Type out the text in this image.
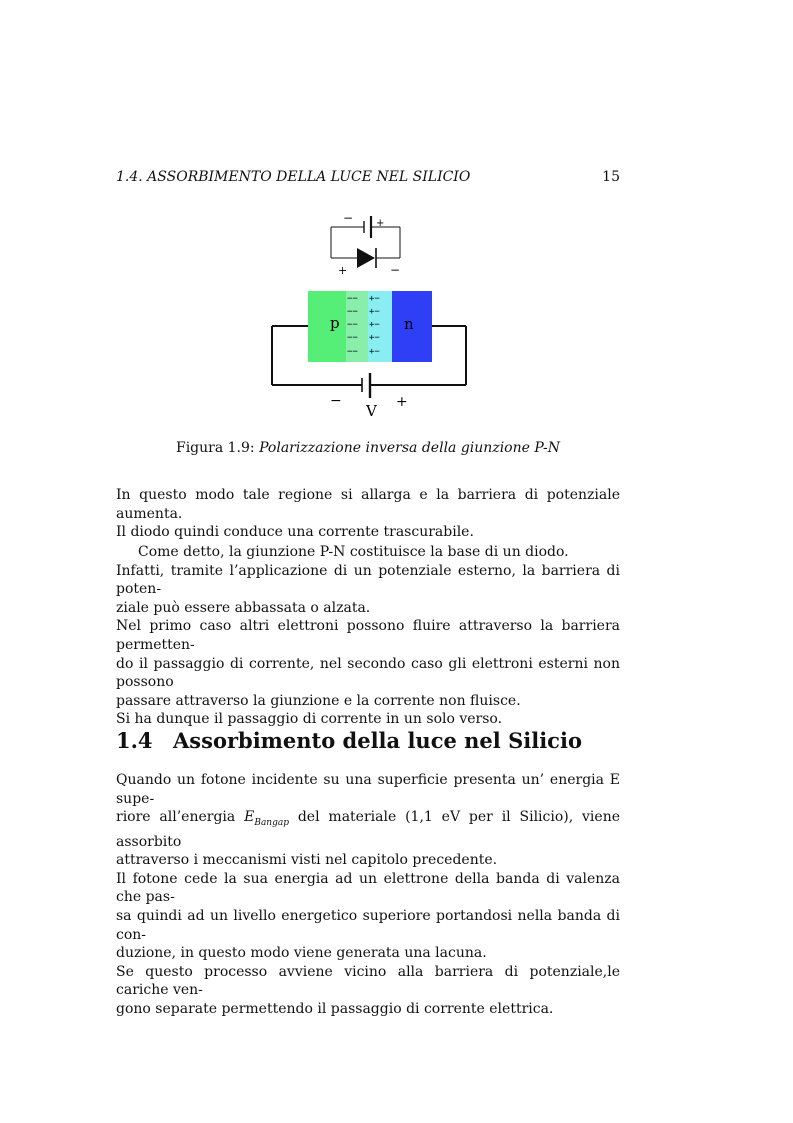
1.4. ASSORBIMENTO DELLA LUCE NEL SILICIO	15
− +
+	−
p	n
−−
−−
−−
−−
−−
+−
+−
+−
+−
+−
−	+
V
Figura 1.9: Polarizzazione inversa della giunzione P-N

In questo modo tale regione si allarga e la barriera di potenziale aumenta.

Il diodo quindi conduce una corrente trascurabile.

Come detto, la giunzione P-N costituisce la base di un diodo.

Infatti, tramite l’applicazione di un potenziale esterno, la barriera di poten-

ziale può essere abbassata o alzata.

Nel primo caso altri elettroni possono fluire attraverso la barriera permetten-

do il passaggio di corrente, nel secondo caso gli elettroni esterni non possono

passare attraverso la giunzione e la corrente non fluisce.

Si ha dunque il passaggio di corrente in un solo verso.

1.4 Assorbimento della luce nel Silicio

Quando un fotone incidente su una superficie presenta un’ energia E supe-

riore all’energia $E_{Bangap}$ del materiale (1,1 eV per il Silicio), viene assorbito

attraverso i meccanismi visti nel capitolo precedente.

Il fotone cede la sua energia ad un elettrone della banda di valenza che pas-

sa quindi ad un livello energetico superiore portandosi nella banda di con-

duzione, in questo modo viene generata una lacuna.

Se questo processo avviene vicino alla barriera di potenziale,le cariche ven-

gono separate permettendo il passaggio di corrente elettrica.
